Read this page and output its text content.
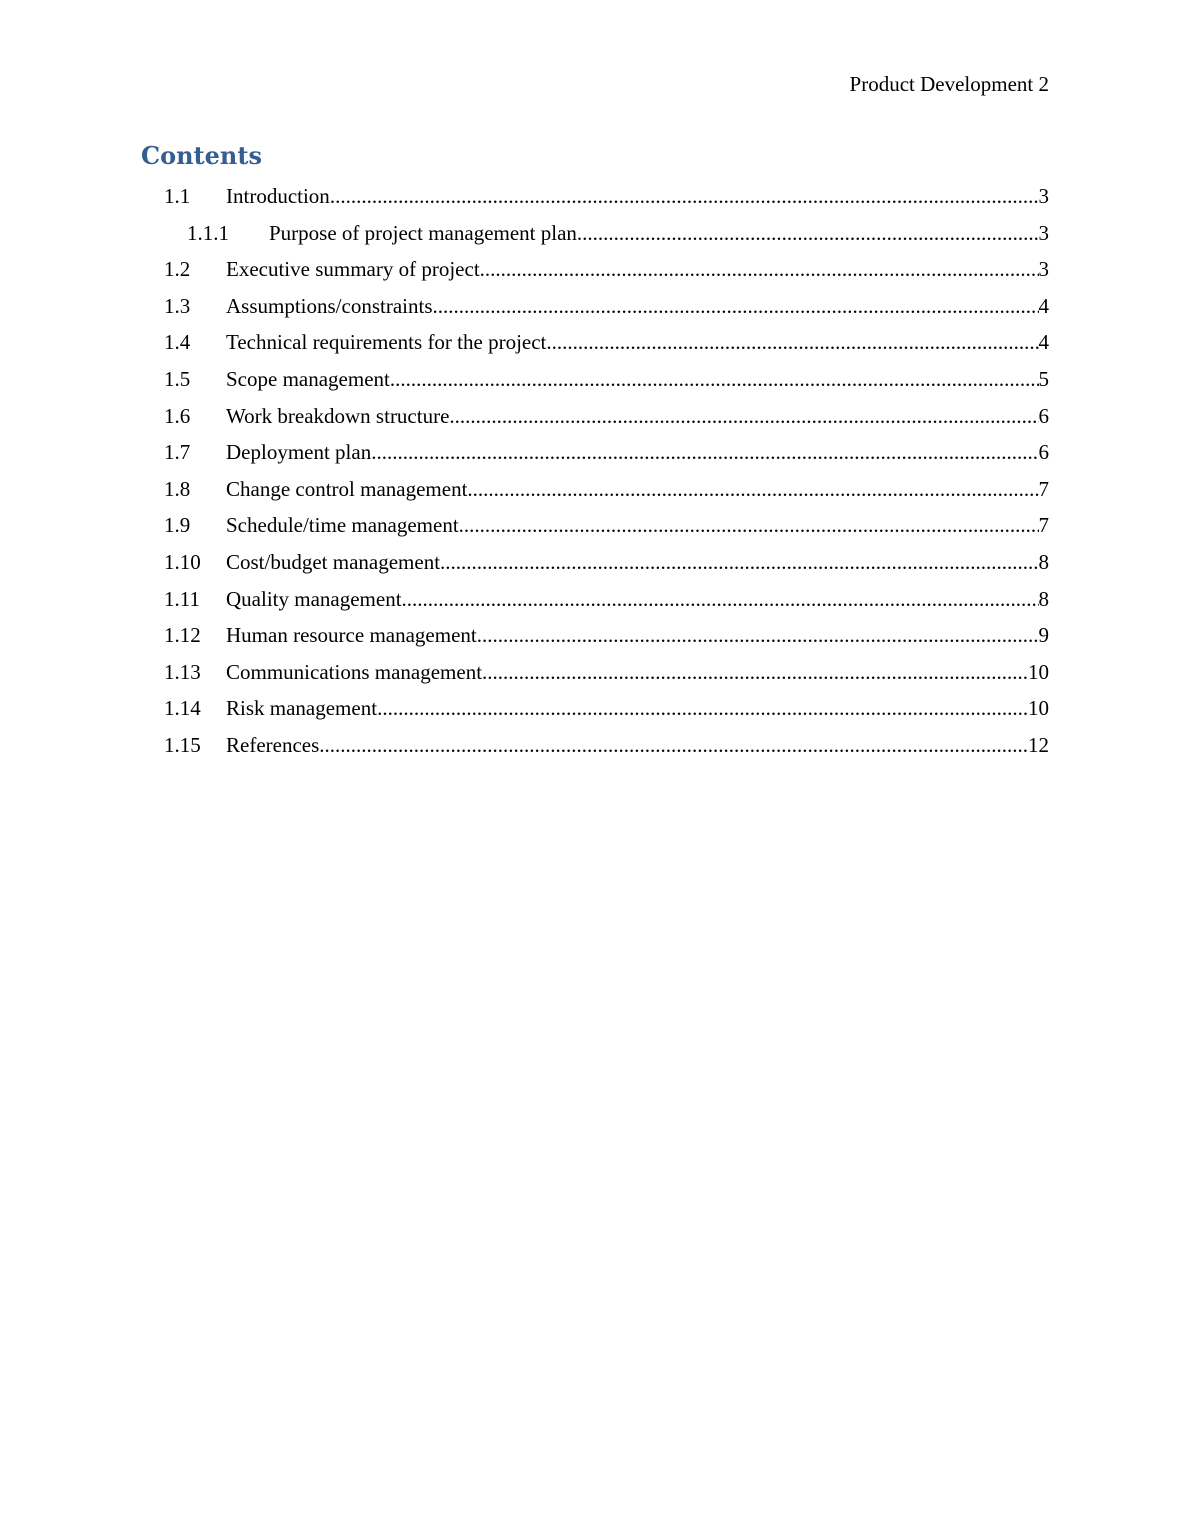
Product Development 2
Contents
1.1	Introduction .....	3
1.1.1	Purpose of project management plan .....	3
1.2	Executive summary of project .....	3
1.3	Assumptions/constraints .....	4
1.4	Technical requirements for the project .....	4
1.5	Scope management .....	5
1.6	Work breakdown structure .....	6
1.7	Deployment plan .....	6
1.8	Change control management .....	7
1.9	Schedule/time management .....	7
1.10	Cost/budget management .....	8
1.11	Quality management .....	8
1.12	Human resource management .....	9
1.13	Communications management .....	10
1.14	Risk management .....	10
1.15	References .....	12
